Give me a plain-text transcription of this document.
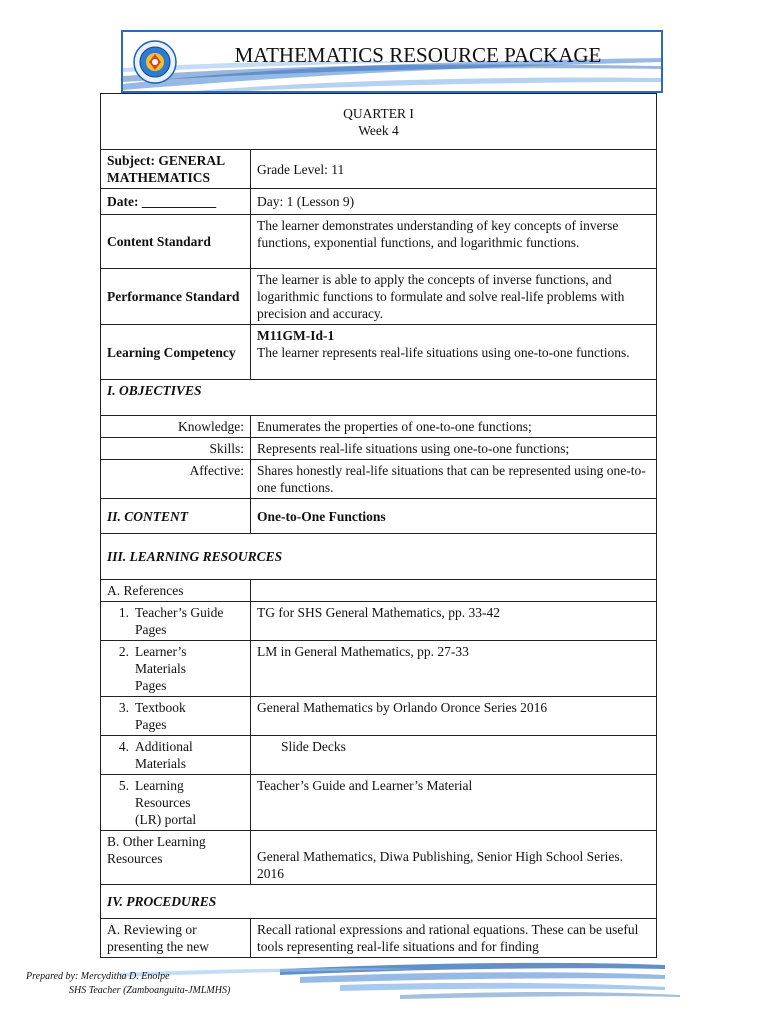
MATHEMATICS RESOURCE PACKAGE
QUARTER I
Week 4	

Subject: GENERAL MATHEMATICS	Grade Level: 11
Date: ___________	Day: 1 (Lesson 9)
Content Standard	The learner demonstrates understanding of key concepts of inverse functions, exponential functions, and logarithmic functions.
Performance Standard	The learner is able to apply the concepts of inverse functions, and logarithmic functions to formulate and solve real-life problems with precision and accuracy.
Learning Competency	M11GM-Id-1
The learner represents real-life situations using one-to-one functions.

I. OBJECTIVES	
Knowledge:	Enumerates the properties of one-to-one functions;
Skills:	Represents real-life situations using one-to-one functions;
Affective:	Shares honestly real-life situations that can be represented using one-to-one functions.
II. CONTENT	One-to-One Functions
III. LEARNING RESOURCES	
A. References	
1. Teacher’s Guide Pages	TG for SHS General Mathematics, pp. 33-42
2. Learner’s Materials Pages	LM in General Mathematics, pp. 27-33
3. Textbook Pages	General Mathematics by Orlando Oronce Series 2016
4. Additional Materials	Slide Decks
5. Learning Resources (LR) portal	Teacher’s Guide and Learner’s Material
B. Other Learning Resources	General Mathematics, Diwa Publishing, Senior High School Series. 2016
IV. PROCEDURES	
A. Reviewing or presenting the new	Recall rational expressions and rational equations. These can be useful tools representing real-life situations and for finding
Prepared by: Mercyditha D. Enolpe
SHS Teacher (Zamboanguita-JMLMHS)
